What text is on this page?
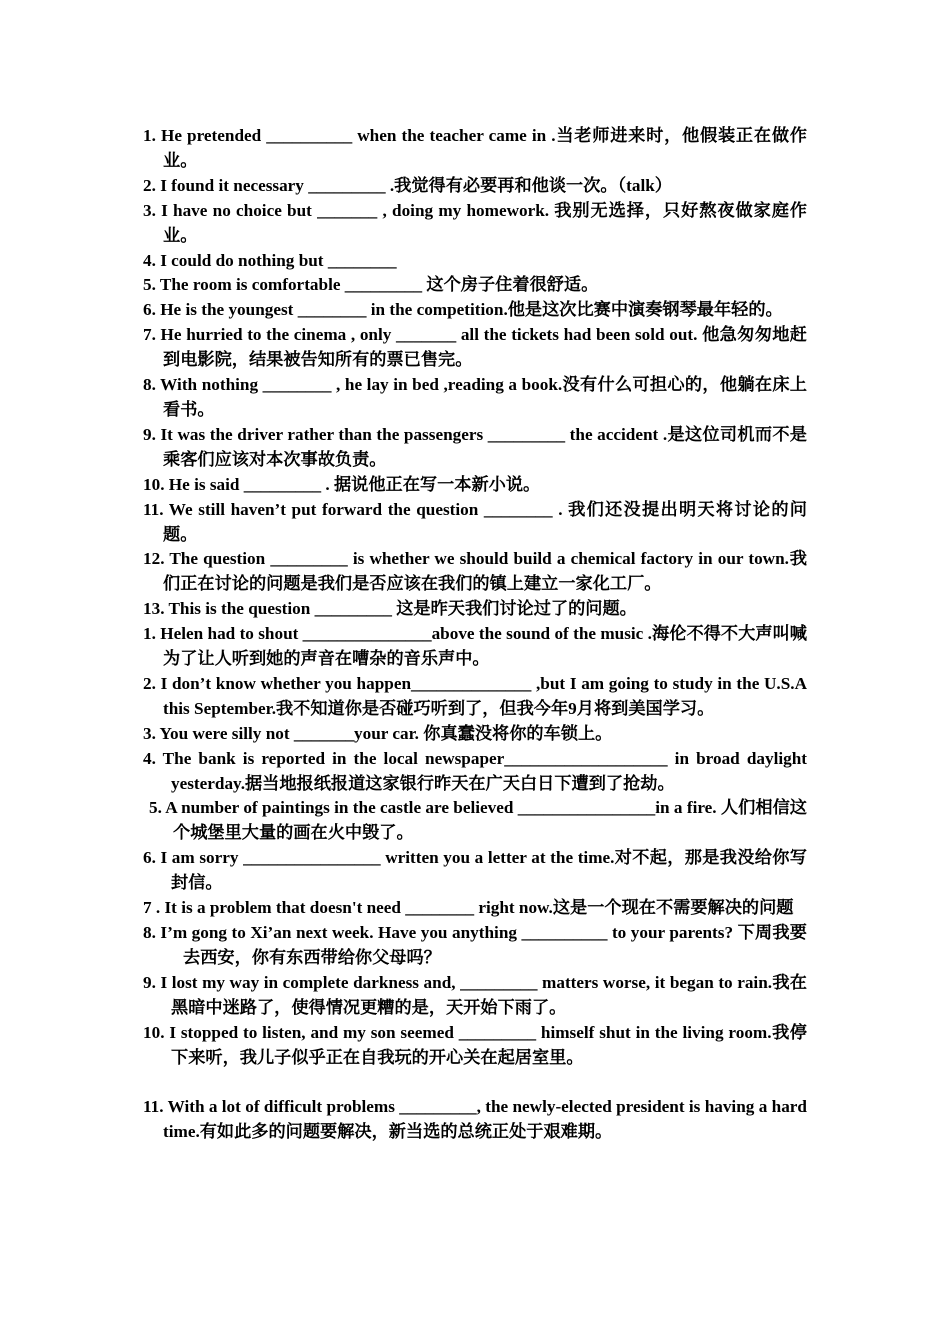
1. He pretended __________ when the teacher came in .当老师进来时，他假装正在做作业。

2. I found it necessary _________ .我觉得有必要再和他谈一次。（talk）

3. I have no choice but _______ , doing my homework. 我别无选择，只好熬夜做家庭作业。

4. I could do nothing but ________

5. The room is comfortable _________ 这个房子住着很舒适。

6. He is the youngest ________ in the competition.他是这次比赛中演奏钢琴最年轻的。

7. He hurried to the cinema , only _______ all the tickets had been sold out. 他急匆匆地赶到电影院，结果被告知所有的票已售完。

8. With nothing ________ , he lay in bed ,reading a book.没有什么可担心的，他躺在床上看书。

9. It was the driver rather than the passengers _________ the accident .是这位司机而不是乘客们应该对本次事故负责。

10. He is said _________ . 据说他正在写一本新小说。

11. We still haven’t put forward the question ________ . 我们还没提出明天将讨论的问题。

12. The question _________ is whether we should build a chemical factory in our town.我们正在讨论的问题是我们是否应该在我们的镇上建立一家化工厂。

13. This is the question _________ 这是昨天我们讨论过了的问题。

1. Helen had to shout _______________above the sound of the music .海伦不得不大声叫喊为了让人听到她的声音在嘈杂的音乐声中。

2. I don’t know whether you happen______________ ,but I am going to study in the U.S.A this September.我不知道你是否碰巧听到了，但我今年9月将到美国学习。

3. You were silly not _______your car. 你真蠢没将你的车锁上。

4. The bank is reported in the local newspaper___________________ in broad daylight yesterday.据当地报纸报道这家银行昨天在广天白日下遭到了抢劫。

5. A number of paintings in the castle are believed ________________in a fire. 人们相信这个城堡里大量的画在火中毁了。

6. I am sorry ________________ written you a letter at the time.对不起，那是我没给你写封信。

7 . It is a problem that doesn't need ________ right now.这是一个现在不需要解决的问题

8. I’m gong to Xi’an next week. Have you anything __________ to your parents? 下周我要去西安，你有东西带给你父母吗？

9. I lost my way in complete darkness and, _________ matters worse, it began to rain.我在黑暗中迷路了，使得情况更糟的是，天开始下雨了。

10. I stopped to listen, and my son seemed _________ himself shut in the living room.我停下来听，我儿子似乎正在自我玩的开心关在起居室里。

11. With a lot of difficult problems _________, the newly-elected president is having a hard time.有如此多的问题要解决，新当选的总统正处于艰难期。
